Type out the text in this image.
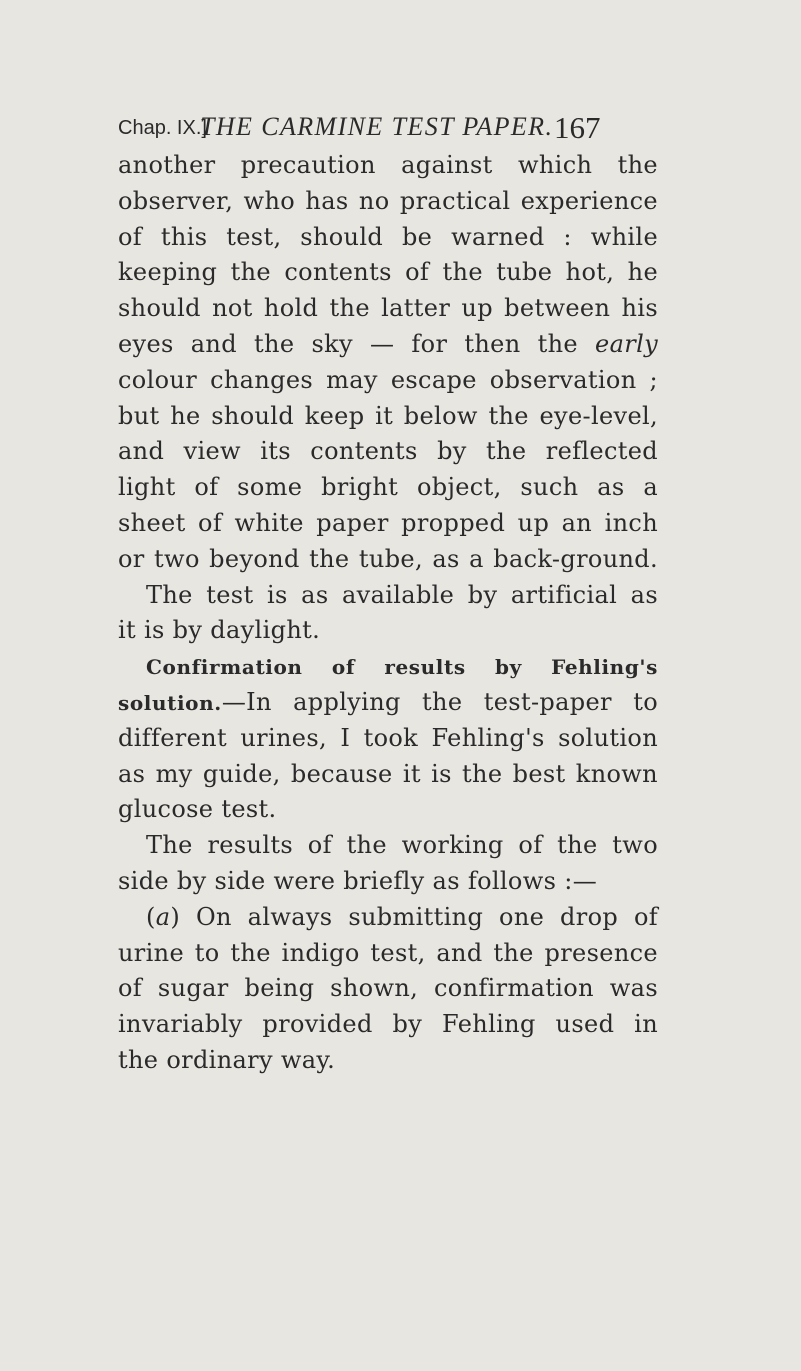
Chap. IX.]
THE CARMINE TEST PAPER. 167
another precaution against which the
observer, who has no practical experience
of this test, should be warned : while
keeping the contents of the tube hot, he
should not hold the latter up between his
eyes and the sky — for then the early
colour changes may escape observation ;
but he should keep it below the eye-level,
and view its contents by the reflected
light of some bright object, such as a
sheet of white paper propped up an inch
or two beyond the tube, as a back-ground.
The test is as available by artificial as
it is by daylight.
Confirmation of results by Fehling's
solution.—In applying the test-paper to
different urines, I took Fehling's solution
as my guide, because it is the best known
glucose test.
The results of the working of the two
side by side were briefly as follows :—
(a) On always submitting one drop of
urine to the indigo test, and the presence
of sugar being shown, confirmation was
invariably provided by Fehling used in
the ordinary way.
